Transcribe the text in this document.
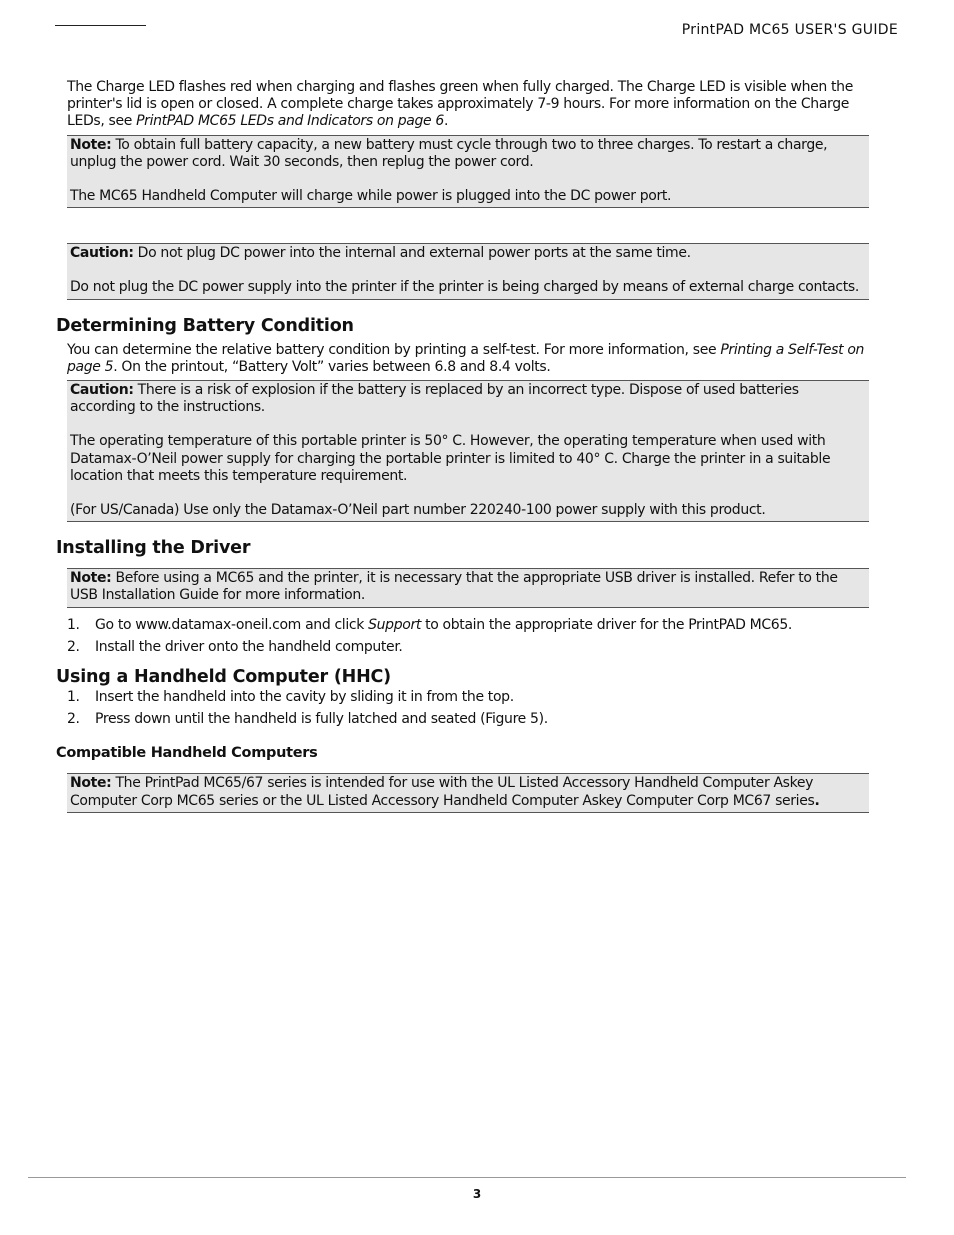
PrintPAD MC65 USER'S GUIDE

The Charge LED flashes red when charging and flashes green when fully charged. The Charge LED is visible when the printer's lid is open or closed. A complete charge takes approximately 7-9 hours. For more information on the Charge LEDs, see PrintPAD MC65 LEDs and Indicators on page 6.

Note: To obtain full battery capacity, a new battery must cycle through two to three charges. To restart a charge, unplug the power cord. Wait 30 seconds, then replug the power cord.
The MC65 Handheld Computer will charge while power is plugged into the DC power port.
Caution: Do not plug DC power into the internal and external power ports at the same time.
Do not plug the DC power supply into the printer if the printer is being charged by means of external charge contacts.
Determining Battery Condition

You can determine the relative battery condition by printing a self-test. For more information, see Printing a Self-Test on page 5. On the printout, “Battery Volt” varies between 6.8 and 8.4 volts.

Caution: There is a risk of explosion if the battery is replaced by an incorrect type. Dispose of used batteries according to the instructions.
The operating temperature of this portable printer is 50° C. However, the operating temperature when used with Datamax-O’Neil power supply for charging the portable printer is limited to 40° C. Charge the printer in a suitable location that meets this temperature requirement.
(For US/Canada) Use only the Datamax-O’Neil part number 220240-100 power supply with this product.
Installing the Driver
Note: Before using a MC65 and the printer, it is necessary that the appropriate USB driver is installed. Refer to the USB Installation Guide for more information.
1.	Go to www.datamax-oneil.com and click Support to obtain the appropriate driver for the PrintPAD MC65.
2.	Install the driver onto the handheld computer.
Using a Handheld Computer (HHC)
1.	Insert the handheld into the cavity by sliding it in from the top.
2.	Press down until the handheld is fully latched and seated (Figure 5).
Compatible Handheld Computers
Note: The PrintPad MC65/67 series is intended for use with the UL Listed Accessory Handheld Computer Askey Computer Corp MC65 series or the UL Listed Accessory Handheld Computer Askey Computer Corp MC67 series.
3
